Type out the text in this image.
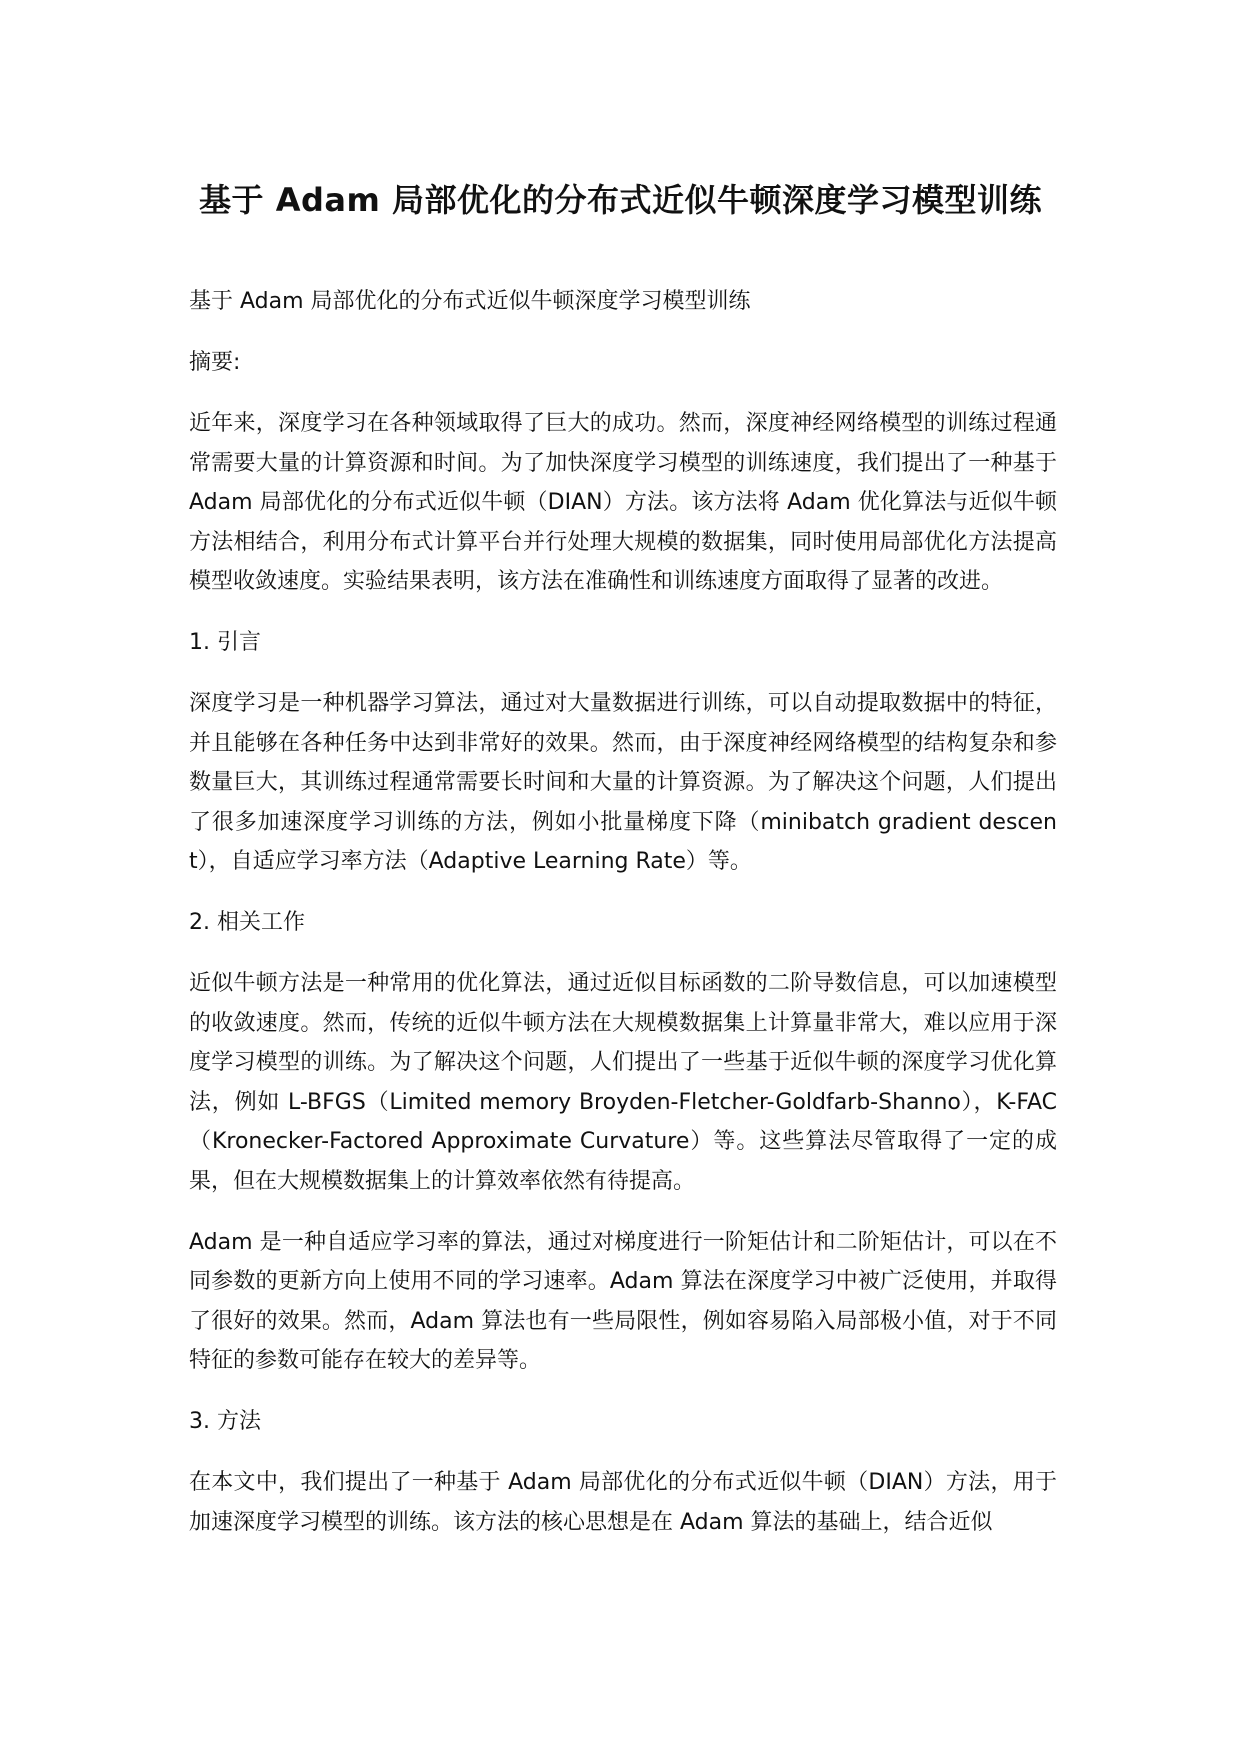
基于 Adam 局部优化的分布式近似牛顿深度学习模型训练

基于 Adam 局部优化的分布式近似牛顿深度学习模型训练

摘要:

近年来，深度学习在各种领域取得了巨大的成功。然而，深度神经网络模型的训练过程通常需要大量的计算资源和时间。为了加快深度学习模型的训练速度，我们提出了一种基于 Adam 局部优化的分布式近似牛顿（DIAN）方法。该方法将 Adam 优化算法与近似牛顿方法相结合，利用分布式计算平台并行处理大规模的数据集，同时使用局部优化方法提高模型收敛速度。实验结果表明，该方法在准确性和训练速度方面取得了显著的改进。

1. 引言

深度学习是一种机器学习算法，通过对大量数据进行训练，可以自动提取数据中的特征，并且能够在各种任务中达到非常好的效果。然而，由于深度神经网络模型的结构复杂和参数量巨大，其训练过程通常需要长时间和大量的计算资源。为了解决这个问题，人们提出了很多加速深度学习训练的方法，例如小批量梯度下降（minibatch gradient descent），自适应学习率方法（Adaptive Learning Rate）等。

2. 相关工作

近似牛顿方法是一种常用的优化算法，通过近似目标函数的二阶导数信息，可以加速模型的收敛速度。然而，传统的近似牛顿方法在大规模数据集上计算量非常大，难以应用于深度学习模型的训练。为了解决这个问题，人们提出了一些基于近似牛顿的深度学习优化算法，例如 L-BFGS（Limited memory Broyden-Fletcher-Goldfarb-Shanno），K-FAC（Kronecker-Factored Approximate Curvature）等。这些算法尽管取得了一定的成果，但在大规模数据集上的计算效率依然有待提高。

Adam 是一种自适应学习率的算法，通过对梯度进行一阶矩估计和二阶矩估计，可以在不同参数的更新方向上使用不同的学习速率。Adam 算法在深度学习中被广泛使用，并取得了很好的效果。然而，Adam 算法也有一些局限性，例如容易陷入局部极小值，对于不同特征的参数可能存在较大的差异等。

3. 方法

在本文中，我们提出了一种基于 Adam 局部优化的分布式近似牛顿（DIAN）方法，用于加速深度学习模型的训练。该方法的核心思想是在 Adam 算法的基础上，结合近似
